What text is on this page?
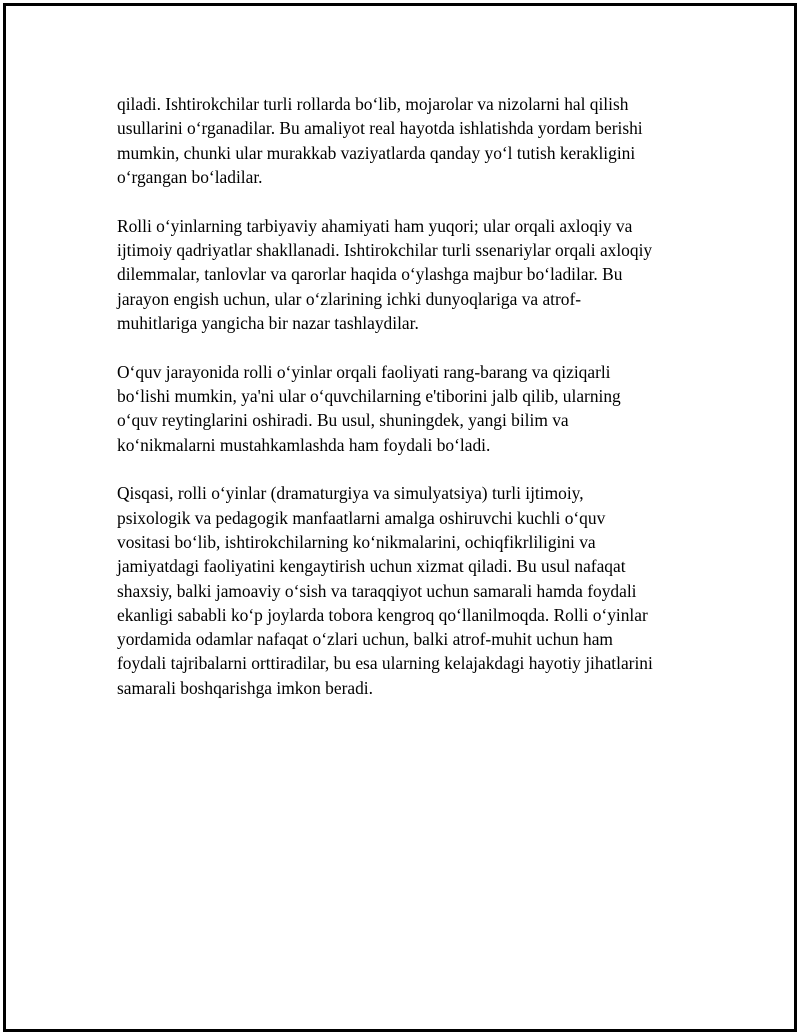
qiladi. Ishtirokchilar turli rollarda bo‘lib, mojarolar va nizolarni hal qilish
usullarini o‘rganadilar. Bu amaliyot real hayotda ishlatishda yordam berishi
mumkin, chunki ular murakkab vaziyatlarda qanday yo‘l tutish kerakligini
o‘rgangan bo‘ladilar.

Rolli o‘yinlarning tarbiyaviy ahamiyati ham yuqori; ular orqali axloqiy va
ijtimoiy qadriyatlar shakllanadi. Ishtirokchilar turli ssenariylar orqali axloqiy
dilemmalar, tanlovlar va qarorlar haqida o‘ylashga majbur bo‘ladilar. Bu
jarayon engish uchun, ular o‘zlarining ichki dunyoqlariga va atrof-
muhitlariga yangicha bir nazar tashlaydilar.

O‘quv jarayonida rolli o‘yinlar orqali faoliyati rang-barang va qiziqarli
bo‘lishi mumkin, ya'ni ular o‘quvchilarning e'tiborini jalb qilib, ularning
o‘quv reytinglarini oshiradi. Bu usul, shuningdek, yangi bilim va
ko‘nikmalarni mustahkamlashda ham foydali bo‘ladi.

Qisqasi, rolli o‘yinlar (dramaturgiya va simulyatsiya) turli ijtimoiy,
psixologik va pedagogik manfaatlarni amalga oshiruvchi kuchli o‘quv
vositasi bo‘lib, ishtirokchilarning ko‘nikmalarini, ochiqfikrliligini va
jamiyatdagi faoliyatini kengaytirish uchun xizmat qiladi. Bu usul nafaqat
shaxsiy, balki jamoaviy o‘sish va taraqqiyot uchun samarali hamda foydali
ekanligi sababli ko‘p joylarda tobora kengroq qo‘llanilmoqda. Rolli o‘yinlar
yordamida odamlar nafaqat o‘zlari uchun, balki atrof-muhit uchun ham
foydali tajribalarni orttiradilar, bu esa ularning kelajakdagi hayotiy jihatlarini
samarali boshqarishga imkon beradi.
